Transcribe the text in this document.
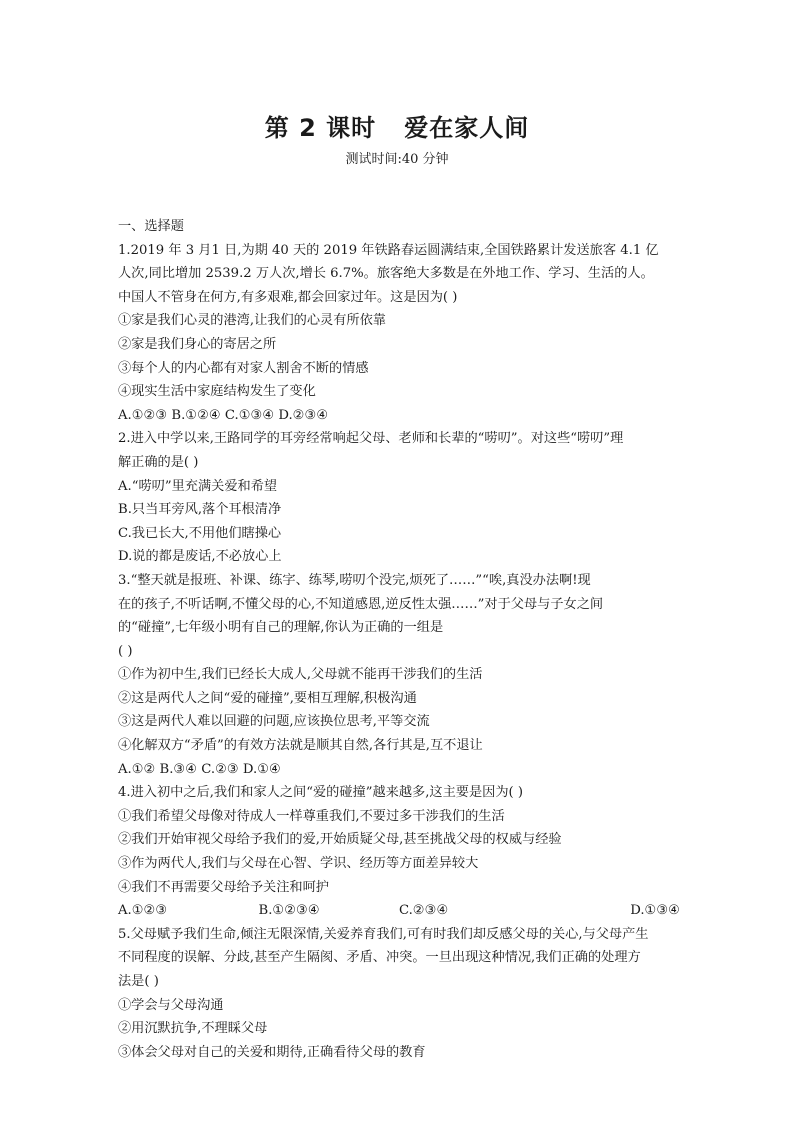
第 2 课时   爱在家人间
测试时间:40 分钟
一、选择题
1.2019 年 3 月1 日,为期 40 天的 2019 年铁路春运圆满结束,全国铁路累计发送旅客 4.1 亿
人次,同比增加 2539.2 万人次,增长 6.7%。旅客绝大多数是在外地工作、学习、生活的人。
中国人不管身在何方,有多艰难,都会回家过年。这是因为( )
①家是我们心灵的港湾,让我们的心灵有所依靠
②家是我们身心的寄居之所
③每个人的内心都有对家人割舍不断的情感
④现实生活中家庭结构发生了变化
A.①②③ B.①②④ C.①③④ D.②③④
2.进入中学以来,王路同学的耳旁经常响起父母、老师和长辈的“唠叨”。对这些“唠叨”理
解正确的是( )
A.“唠叨”里充满关爱和希望
B.只当耳旁风,落个耳根清净
C.我已长大,不用他们瞎操心
D.说的都是废话,不必放心上
3.“整天就是报班、补课、练字、练琴,唠叨个没完,烦死了……”“唉,真没办法啊!现
在的孩子,不听话啊,不懂父母的心,不知道感恩,逆反性太强……”对于父母与子女之间
的“碰撞”,七年级小明有自己的理解,你认为正确的一组是
( )
①作为初中生,我们已经长大成人,父母就不能再干涉我们的生活
②这是两代人之间“爱的碰撞”,要相互理解,积极沟通
③这是两代人难以回避的问题,应该换位思考,平等交流
④化解双方“矛盾”的有效方法就是顺其自然,各行其是,互不退让
A.①② B.③④ C.②③ D.①④
4.进入初中之后,我们和家人之间“爱的碰撞”越来越多,这主要是因为( )
①我们希望父母像对待成人一样尊重我们,不要过多干涉我们的生活
②我们开始审视父母给予我们的爱,开始质疑父母,甚至挑战父母的权威与经验
③作为两代人,我们与父母在心智、学识、经历等方面差异较大
④我们不再需要父母给予关注和呵护
A.①②③	B.①②③④	C.②③④	D.①③④
5.父母赋予我们生命,倾注无限深情,关爱养育我们,可有时我们却反感父母的关心,与父母产生
不同程度的误解、分歧,甚至产生隔阂、矛盾、冲突。一旦出现这种情况,我们正确的处理方
法是( )
①学会与父母沟通
②用沉默抗争,不理睬父母
③体会父母对自己的关爱和期待,正确看待父母的教育
